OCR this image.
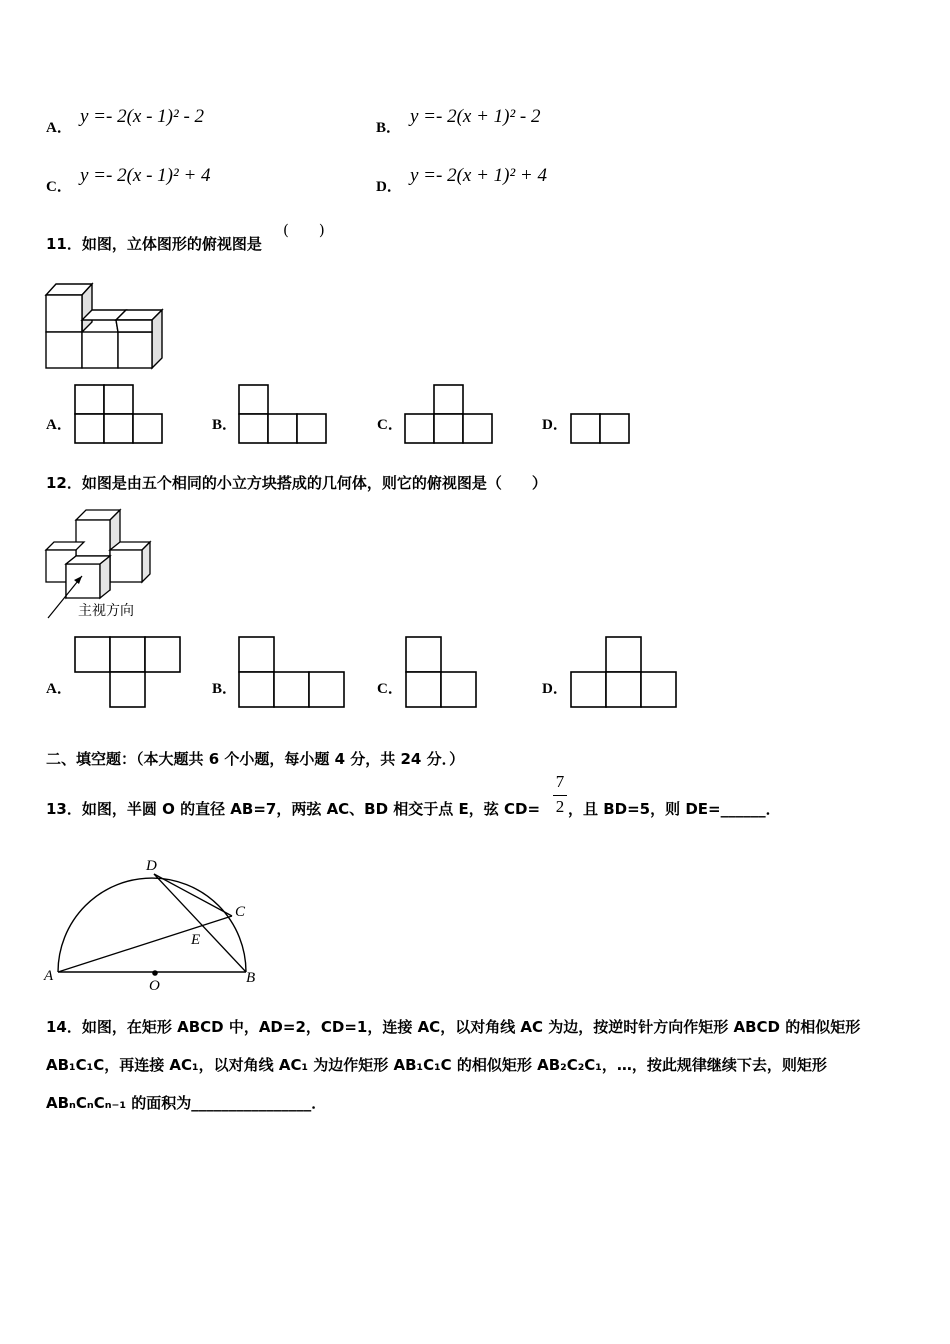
A．
y =- 2(x - 1)² - 2
B．
y =- 2(x + 1)² - 2
C．
y =- 2(x - 1)² + 4
D．
y =- 2(x + 1)² + 4
11．如图，立体图形的俯视图是
(　　)
A．	B．	C．	D．
12．如图是由五个相同的小立方块搭成的几何体，则它的俯视图是（　　）
主视方向
A．	B．	C．	D．
二、填空题：（本大题共 6 个小题，每小题 4 分，共 24 分．）
13．如图，半圆 O 的直径 AB=7，两弦 AC、BD 相交于点 E，弦 CD=
7
2 ，且 BD=5，则 DE=______．
D
C
E
A	B
O
14．如图，在矩形 ABCD 中，AD=2，CD=1，连接 AC，以对角线 AC 为边，按逆时针方向作矩形 ABCD 的相似矩形
AB₁C₁C，再连接 AC₁，以对角线 AC₁ 为边作矩形 AB₁C₁C 的相似矩形 AB₂C₂C₁，…，按此规律继续下去，则矩形
ABₙCₙCₙ₋₁ 的面积为________________．
